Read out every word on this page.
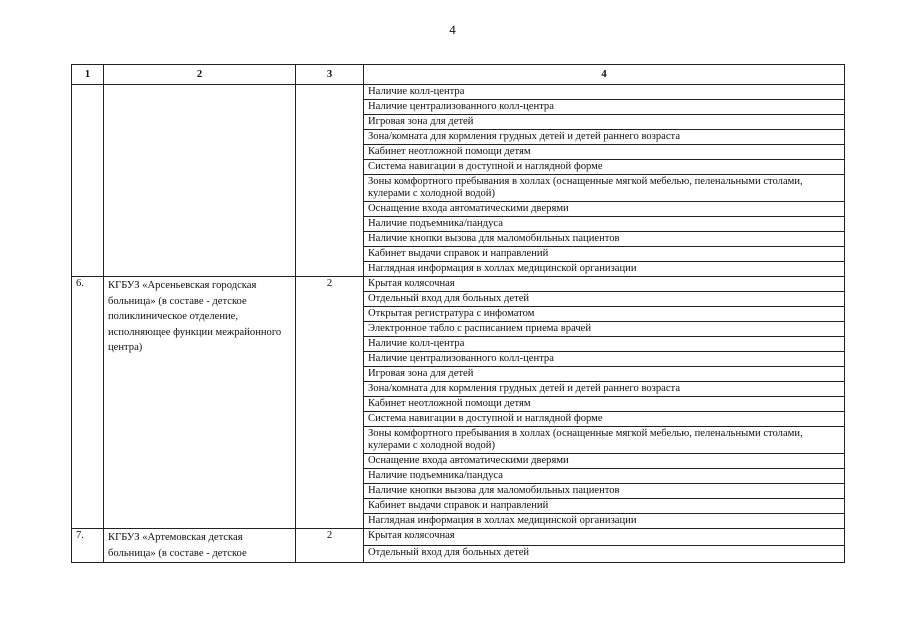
4
1	2	3	4
			Наличие колл-центра
			Наличие централизованного колл-центра
			Игровая зона для детей
			Зона/комната для кормления грудных детей и детей раннего возраста
			Кабинет неотложной помощи детям
			Система навигации в доступной и наглядной форме
			Зоны комфортного пребывания в холлах (оснащенные мягкой мебелью, пеленальными столами, кулерами с холодной водой)
			Оснащение входа автоматическими дверями
			Наличие подъемника/пандуса
			Наличие кнопки вызова для маломобильных пациентов
			Кабинет выдачи справок и направлений
			Наглядная информация в холлах медицинской организации
6.	КГБУЗ «Арсеньевская городская больница» (в составе - детское поликлиническое отделение, исполняющее функции межрайонного центра)	2	Крытая колясочная
			Отдельный вход для больных детей
			Открытая регистратура с инфоматом
			Электронное табло с расписанием приема врачей
			Наличие колл-центра
			Наличие централизованного колл-центра
			Игровая зона для детей
			Зона/комната для кормления грудных детей и детей раннего возраста
			Кабинет неотложной помощи детям
			Система навигации в доступной и наглядной форме
			Зоны комфортного пребывания в холлах (оснащенные мягкой мебелью, пеленальными столами, кулерами с холодной водой)
			Оснащение входа автоматическими дверями
			Наличие подъемника/пандуса
			Наличие кнопки вызова для маломобильных пациентов
			Кабинет выдачи справок и направлений
			Наглядная информация в холлах медицинской организации
7.	КГБУЗ «Артемовская детская больница» (в составе - детское	2	Крытая колясочная
			Отдельный вход для больных детей
